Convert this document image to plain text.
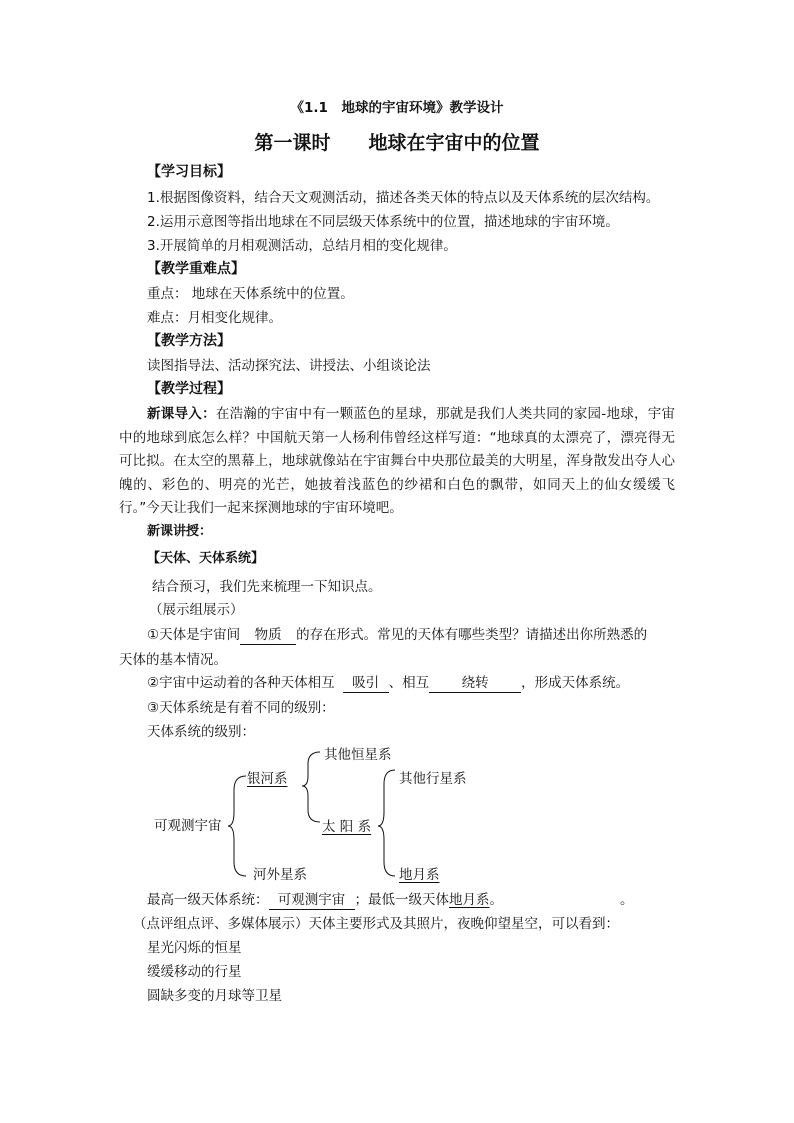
《1.1　地球的宇宙环境》教学设计
第一课时　　地球在宇宙中的位置
【学习目标】
1.根据图像资料，结合天文观测活动，描述各类天体的特点以及天体系统的层次结构。
2.运用示意图等指出地球在不同层级天体系统中的位置，描述地球的宇宙环境。
3.开展简单的月相观测活动，总结月相的变化规律。
【教学重难点】
重点： 地球在天体系统中的位置。
难点：月相变化规律。
【教学方法】
读图指导法、活动探究法、讲授法、小组谈论法
【教学过程】
新课导入：在浩瀚的宇宙中有一颗蓝色的星球，那就是我们人类共同的家园-地球，宇宙中的地球到底怎么样？中国航天第一人杨利伟曾经这样写道：“地球真的太漂亮了，漂亮得无可比拟。在太空的黑幕上，地球就像站在宇宙舞台中央那位最美的大明星，浑身散发出夺人心魄的、彩色的、明亮的光芒，她披着浅蓝色的纱裙和白色的飘带，如同天上的仙女缓缓飞行。”今天让我们一起来探测地球的宇宙环境吧。
新课讲授：
【天体、天体系统】
结合预习，我们先来梳理一下知识点。
（展示组展示）
①天体是宇宙间 物质 的存在形式。常见的天体有哪些类型？请描述出你所熟悉的
天体的基本情况。
②宇宙中运动着的各种天体相互 吸引 、相互 绕转 ，形成天体系统。
③天体系统是有着不同的级别：
天体系统的级别：
可观测宇宙
银河系
河外星系
其他恒星系
太 阳 系
其他行星系
地月系
最高一级天体系统： 可观测宇宙 ；最低一级天体地月系。	。
（点评组点评、多媒体展示）天体主要形式及其照片，夜晚仰望星空，可以看到：
星光闪烁的恒星
缓缓移动的行星
圆缺多变的月球等卫星
